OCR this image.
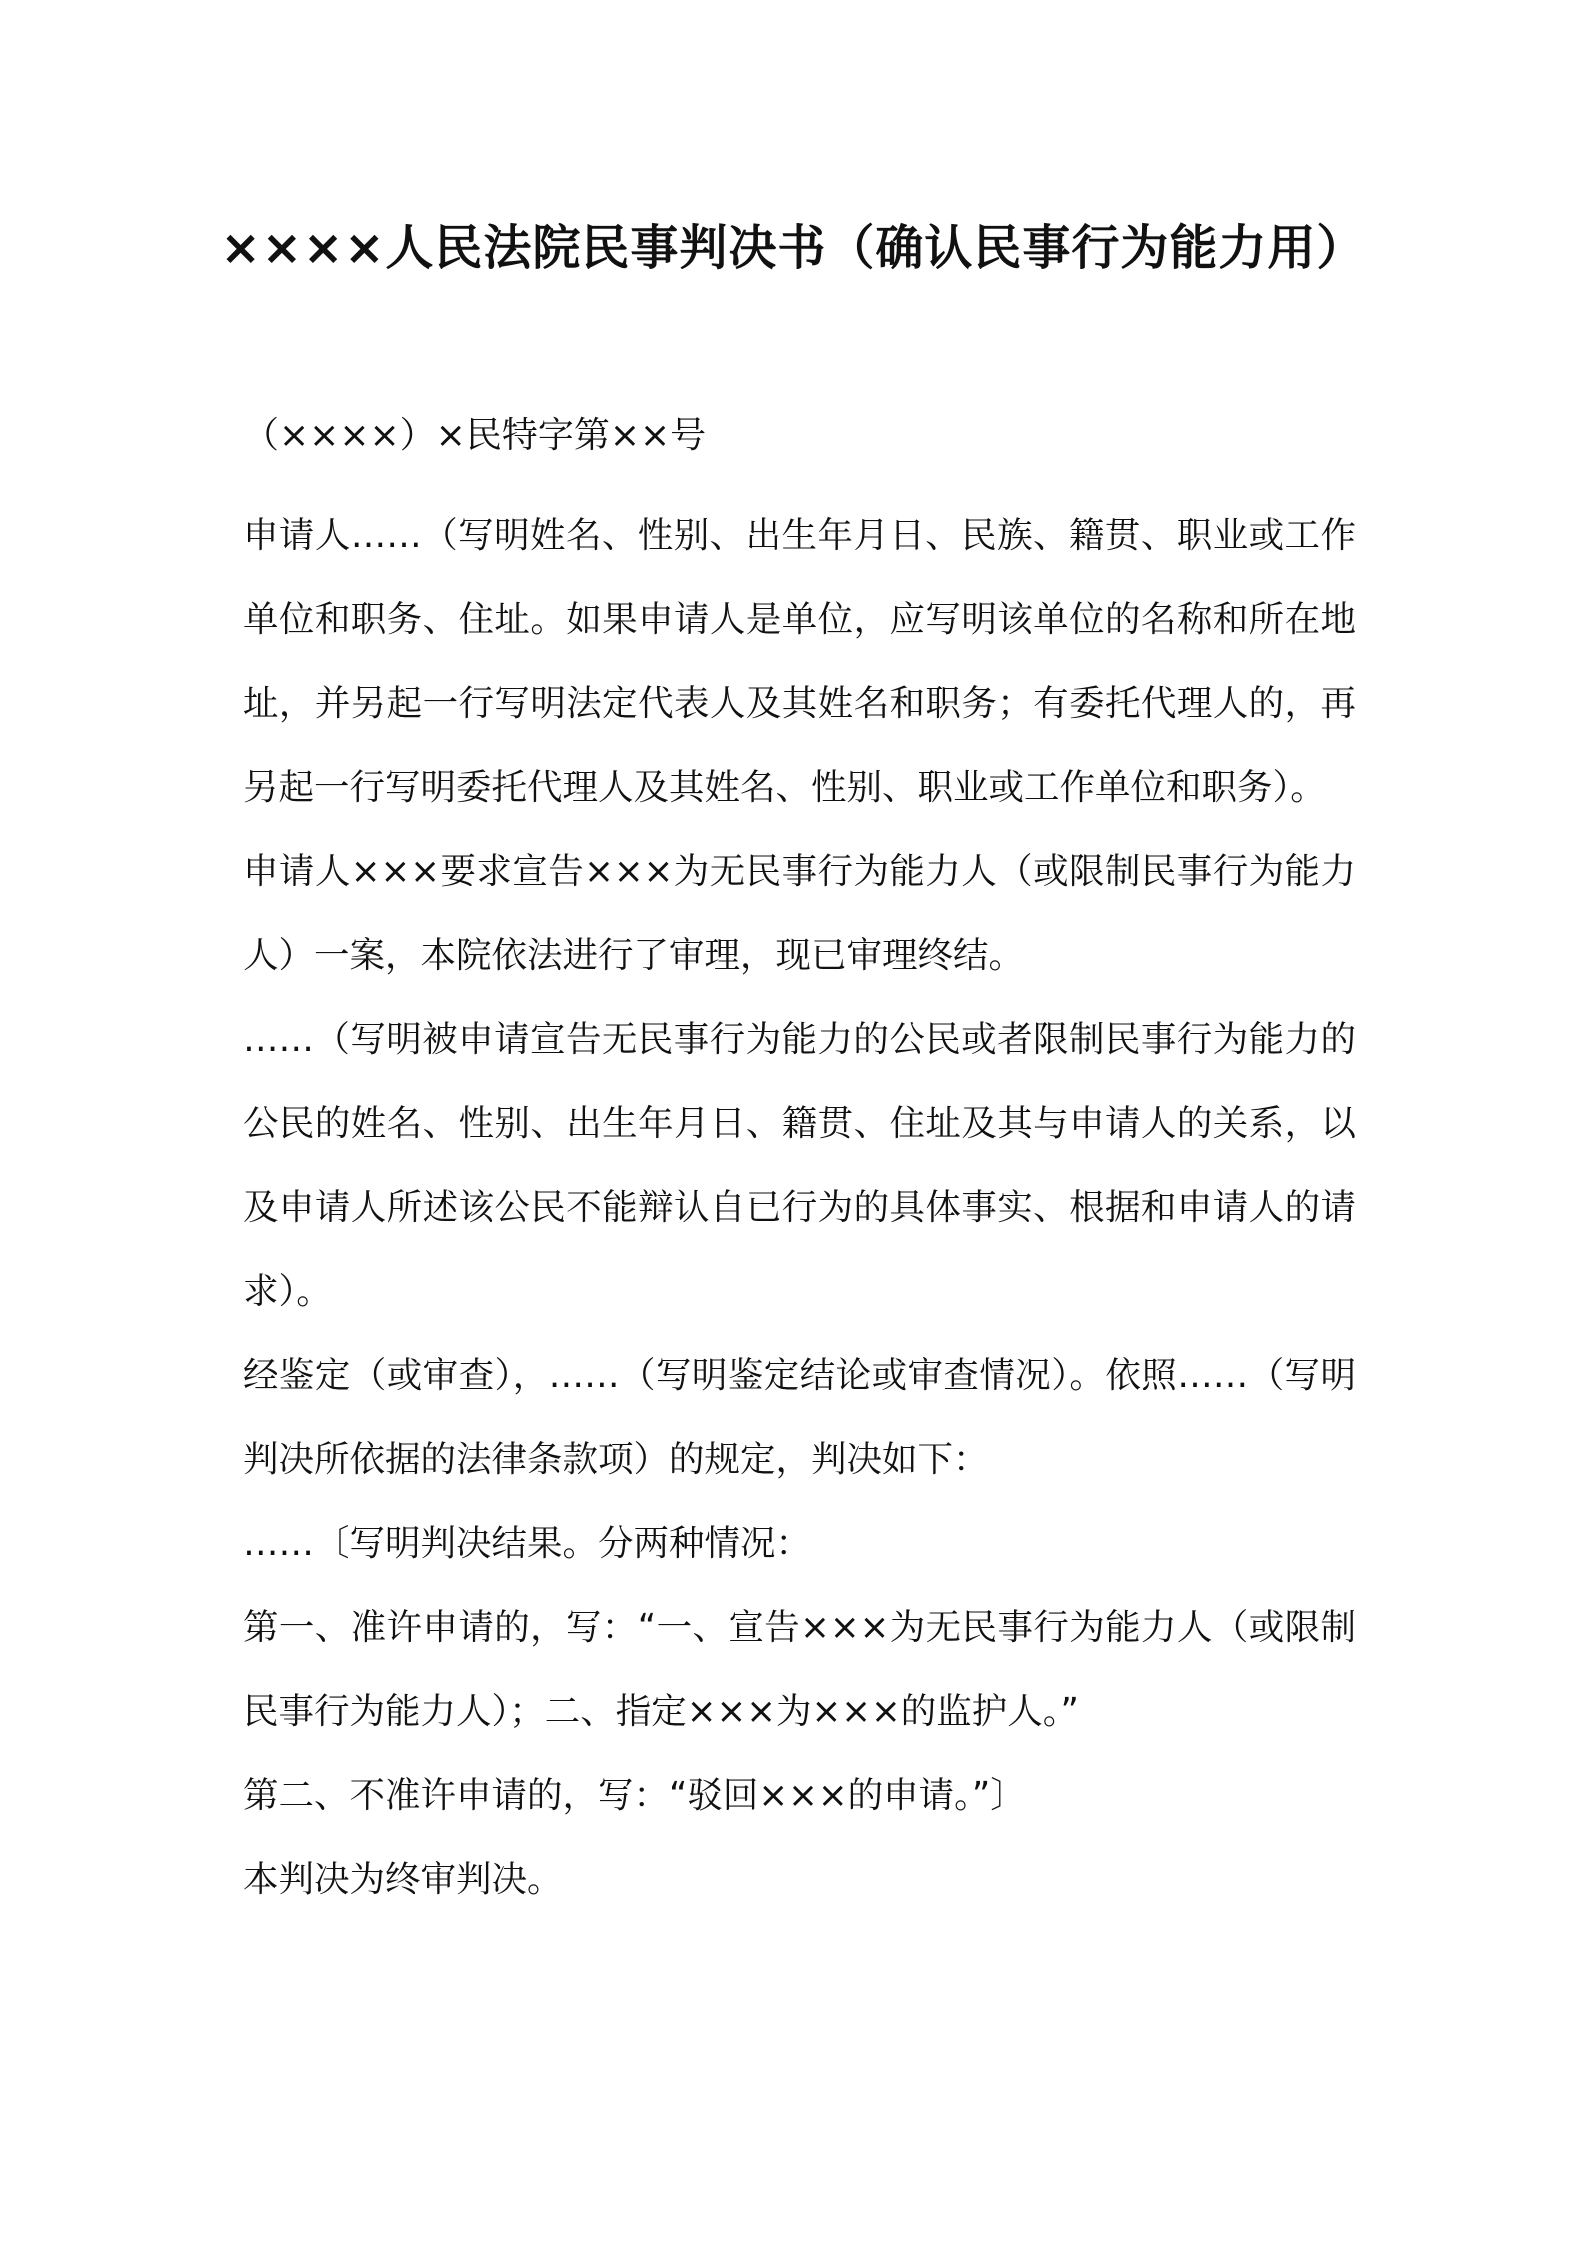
××××人民法院民事判决书（确认民事行为能力用）
（××××）×民特字第××号

申请人……（写明姓名、性别、出生年月日、民族、籍贯、职业或工作单位和职务、住址。如果申请人是单位，应写明该单位的名称和所在地址，并另起一行写明法定代表人及其姓名和职务；有委托代理人的，再另起一行写明委托代理人及其姓名、性别、职业或工作单位和职务）。

申请人×××要求宣告×××为无民事行为能力人（或限制民事行为能力人）一案，本院依法进行了审理，现已审理终结。

……（写明被申请宣告无民事行为能力的公民或者限制民事行为能力的公民的姓名、性别、出生年月日、籍贯、住址及其与申请人的关系，以及申请人所述该公民不能辩认自已行为的具体事实、根据和申请人的请求）。

经鉴定（或审查），……（写明鉴定结论或审查情况）。依照……（写明判决所依据的法律条款项）的规定，判决如下：

……〔写明判决结果。分两种情况：

第一、准许申请的，写：“一、宣告×××为无民事行为能力人（或限制民事行为能力人）；二、指定×××为×××的监护人。”

第二、不准许申请的，写：“驳回×××的申请。”〕

本判决为终审判决。
